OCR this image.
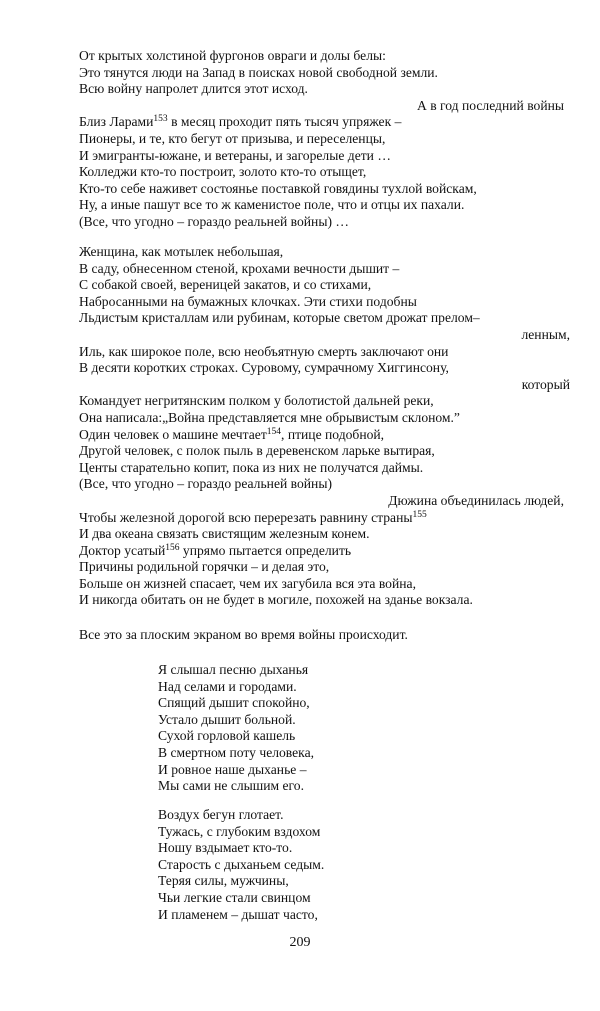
От крытых холстиной фургонов овраги и долы белы:
Это тянутся люди на Запад в поисках новой свободной земли.
Всю войну напролет длится этот исход.
А в год последний войны
Близ Ларами$^{153}$ в месяц проходит пять тысяч упряжек –
Пионеры, и те, кто бегут от призыва, и переселенцы,
И эмигранты-южане, и ветераны, и загорелые дети …
Колледжи кто-то построит, золото кто-то отыщет,
Кто-то себе наживет состоянье поставкой говядины тухлой войскам,
Ну, а иные пашут все то ж каменистое поле, что и отцы их пахали.
(Все, что угодно – гораздо реальней войны) …
Женщина, как мотылек небольшая,
В саду, обнесенном стеной, крохами вечности дышит –
С собакой своей, вереницей закатов, и со стихами,
Набросанными на бумажных клочках. Эти стихи подобны
Льдистым кристаллам или рубинам, которые светом дрожат прелом–
ленным,
Иль, как широкое поле, всю необъятную смерть заключают они
В десяти коротких строках. Суровому, сумрачному Хиггинсону,
который
Командует негритянским полком у болотистой дальней реки,
Она написала:„Война представляется мне обрывистым склоном.”
Один человек о машине мечтает$^{154}$, птице подобной,
Другой человек, с полок пыль в деревенском ларьке вытирая,
Центы старательно копит, пока из них не получатся даймы.
(Все, что угодно – гораздо реальней войны)
Дюжина объединилась людей,
Чтобы железной дорогой всю перерезать равнину страны$^{155}$
И два океана связать свистящим железным конем.
Доктор усатый$^{156}$ упрямо пытается определить
Причины родильной горячки – и делая это,
Больше он жизней спасает, чем их загубила вся эта война,
И никогда обитать он не будет в могиле, похожей на зданье вокзала.
Все это за плоским экраном во время войны происходит.
Я слышал песню дыханья
Над селами и городами.
Спящий дышит спокойно,
Устало дышит больной.
Сухой горловой кашель
В смертном поту человека,
И ровное наше дыханье –
Мы сами не слышим его.
Воздух бегун глотает.
Тужась, с глубоким вздохом
Ношу вздымает кто-то.
Старость с дыханьем седым.
Теряя силы, мужчины,
Чьи легкие стали свинцом
И пламенем – дышат часто,
209
